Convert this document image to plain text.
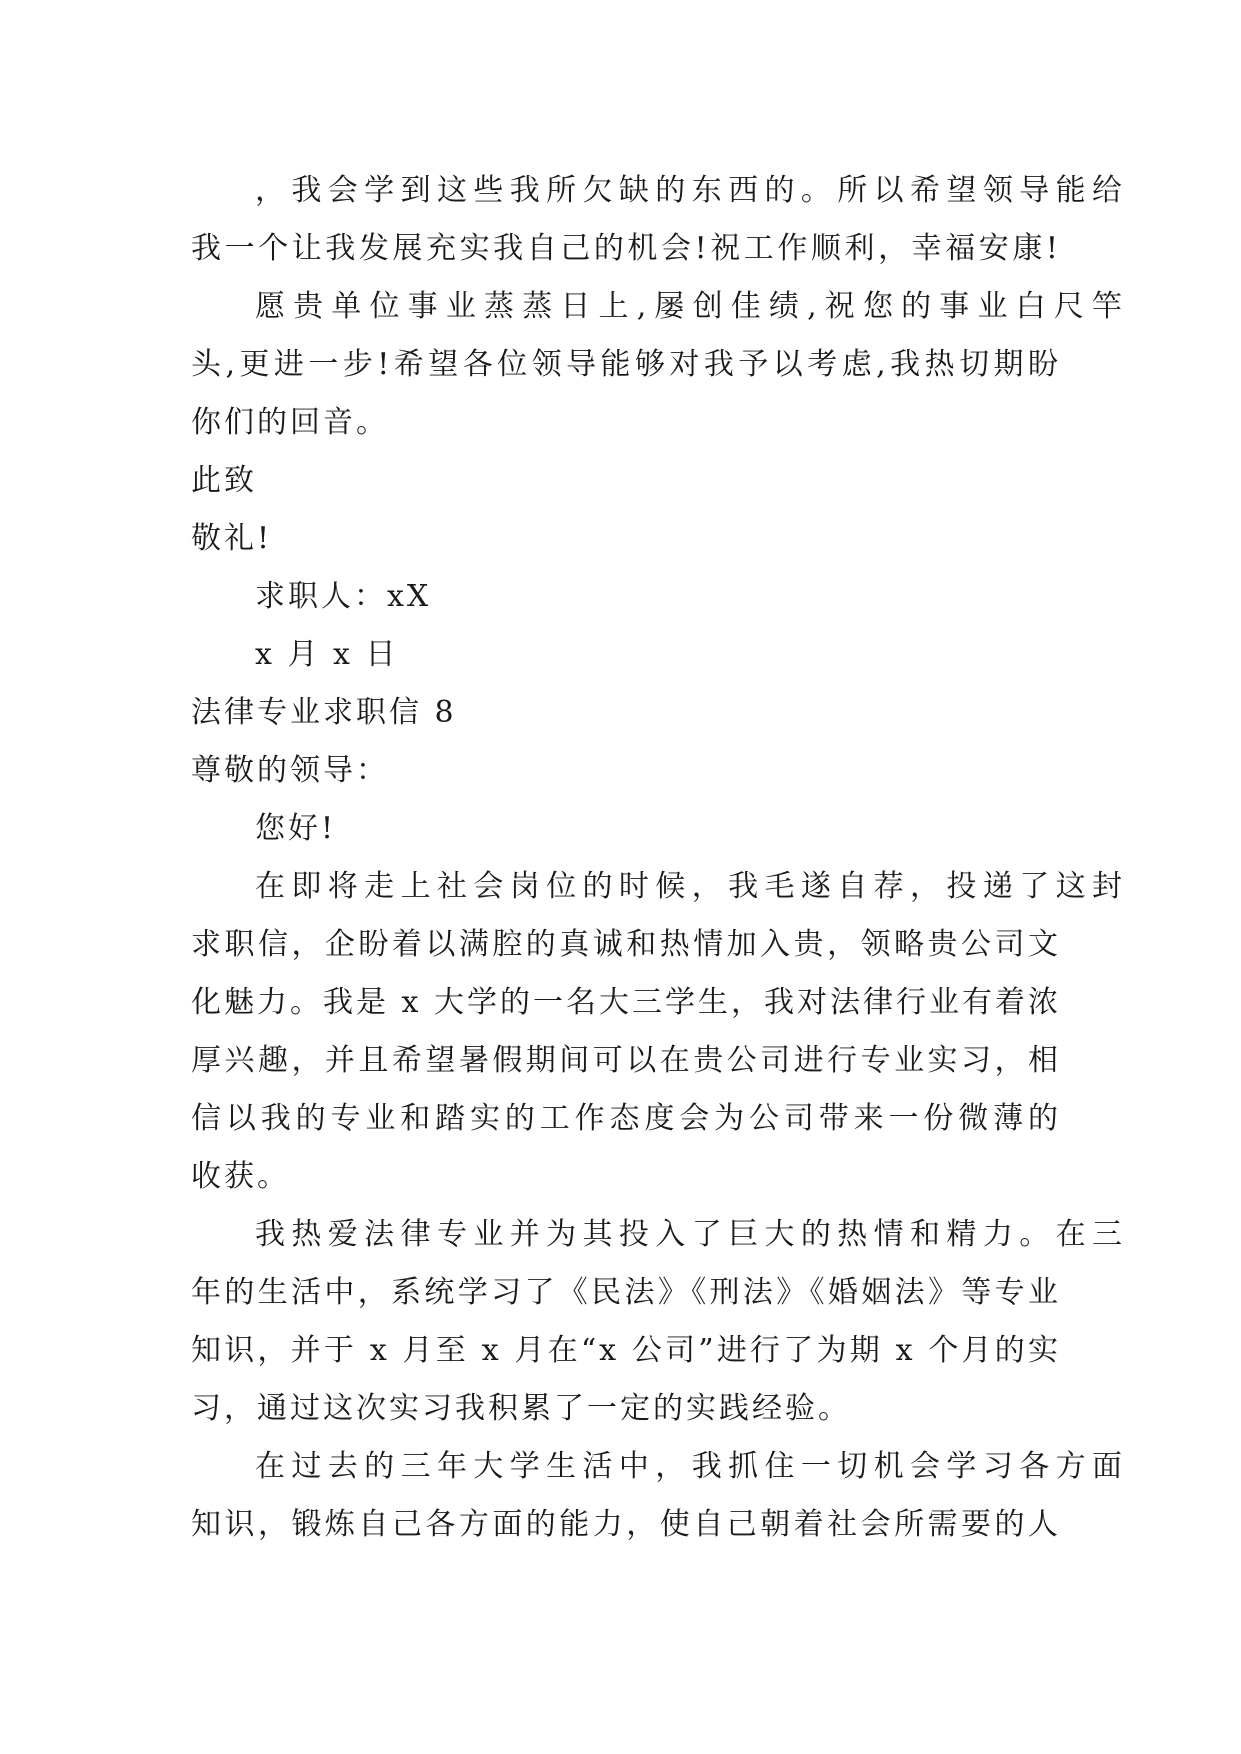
，我会学到这些我所欠缺的东西的。所以希望领导能给
我一个让我发展充实我自己的机会!祝工作顺利，幸福安康!
愿贵单位事业蒸蒸日上,屡创佳绩,祝您的事业白尺竿
头,更进一步!希望各位领导能够对我予以考虑,我热切期盼
你们的回音。
此致
敬礼!
求职人：xX
x 月 x 日
法律专业求职信 8
尊敬的领导：
您好!
在即将走上社会岗位的时候，我毛遂自荐，投递了这封
求职信，企盼着以满腔的真诚和热情加入贵，领略贵公司文
化魅力。我是 x 大学的一名大三学生，我对法律行业有着浓
厚兴趣，并且希望暑假期间可以在贵公司进行专业实习，相
信以我的专业和踏实的工作态度会为公司带来一份微薄的
收获。
我热爱法律专业并为其投入了巨大的热情和精力。在三
年的生活中，系统学习了《民法》《刑法》《婚姻法》等专业
知识，并于 x 月至 x 月在“x 公司”进行了为期 x 个月的实
习，通过这次实习我积累了一定的实践经验。
在过去的三年大学生活中，我抓住一切机会学习各方面
知识，锻炼自己各方面的能力，使自己朝着社会所需要的人
